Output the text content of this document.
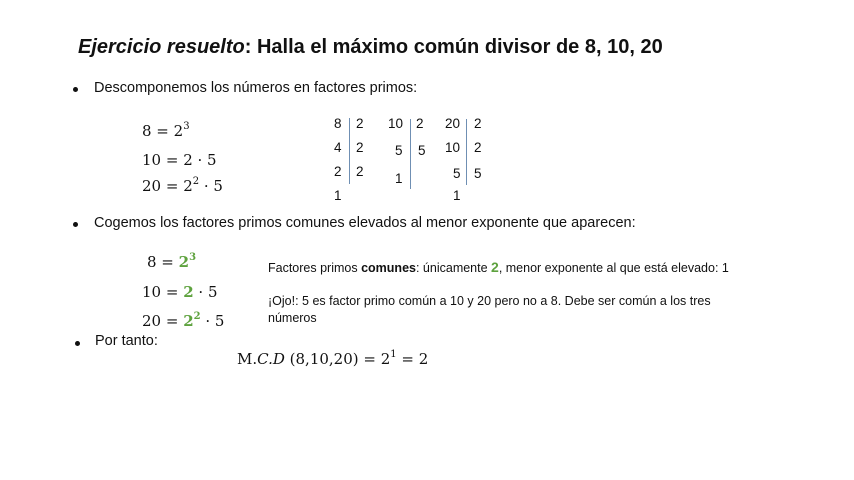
Ejercicio resuelto: Halla el máximo común divisor de 8, 10, 20
Descomponemos los números en factores primos:
$8 = 2^3$
10 = 2 · 5
$20 = 2^2 \cdot 5$
8
4
2
1
2
2
2
10
5
1
2
5
20
10
5
1
2
2
5
Cogemos los factores primos comunes elevados al menor exponente que aparecen:
$8 = 2^3$
10 = 2 · 5
$20 = 2^2 \cdot 5$
Factores primos comunes: únicamente 2, menor exponente al que está elevado: 1
¡Ojo!: 5 es factor primo común a 10 y 20 pero no a 8. Debe ser común a los tres
números
Por tanto:
M.C.D $(8,10,20) = 2^1 = 2$
